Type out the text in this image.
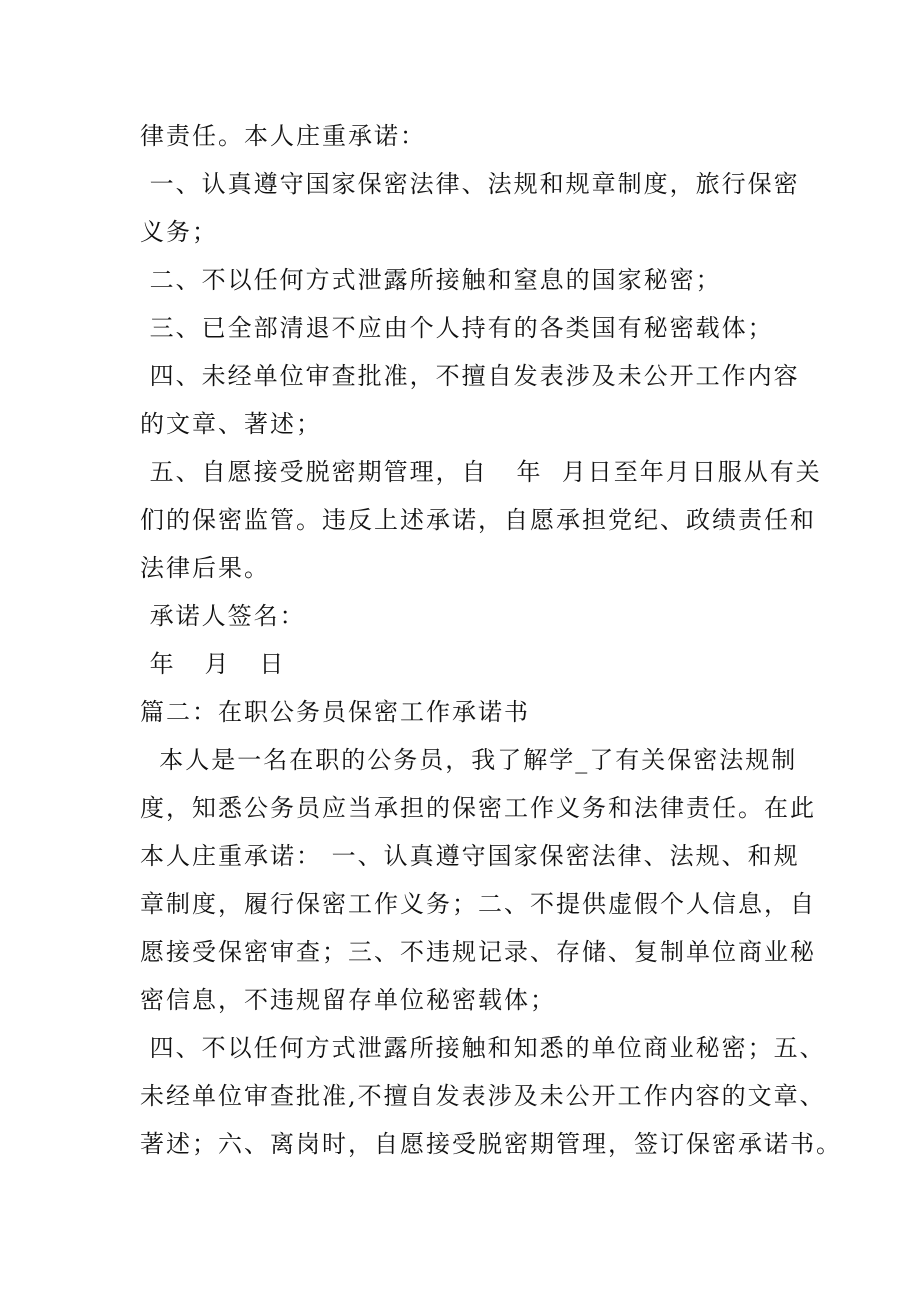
律责任。本人庄重承诺：
一、认真遵守国家保密法律、法规和规章制度，旅行保密
义务；
二、不以任何方式泄露所接触和窒息的国家秘密；
三、已全部清退不应由个人持有的各类国有秘密载体；
四、未经单位审查批准，不擅自发表涉及未公开工作内容
的文章、著述；
五、自愿接受脱密期管理，自   年  月日至年月日服从有关
们的保密监管。违反上述承诺，自愿承担党纪、政绩责任和
法律后果。
承诺人签名：
年   月   日
篇二：在职公务员保密工作承诺书
本人是一名在职的公务员，我了解学_了有关保密法规制
度，知悉公务员应当承担的保密工作义务和法律责任。在此
本人庄重承诺： 一、认真遵守国家保密法律、法规、和规
章制度，履行保密工作义务；二、不提供虚假个人信息，自
愿接受保密审查；三、不违规记录、存储、复制单位商业秘
密信息，不违规留存单位秘密载体；
四、不以任何方式泄露所接触和知悉的单位商业秘密；五、
未经单位审查批准,不擅自发表涉及未公开工作内容的文章、
著述；六、离岗时，自愿接受脱密期管理，签订保密承诺书。
